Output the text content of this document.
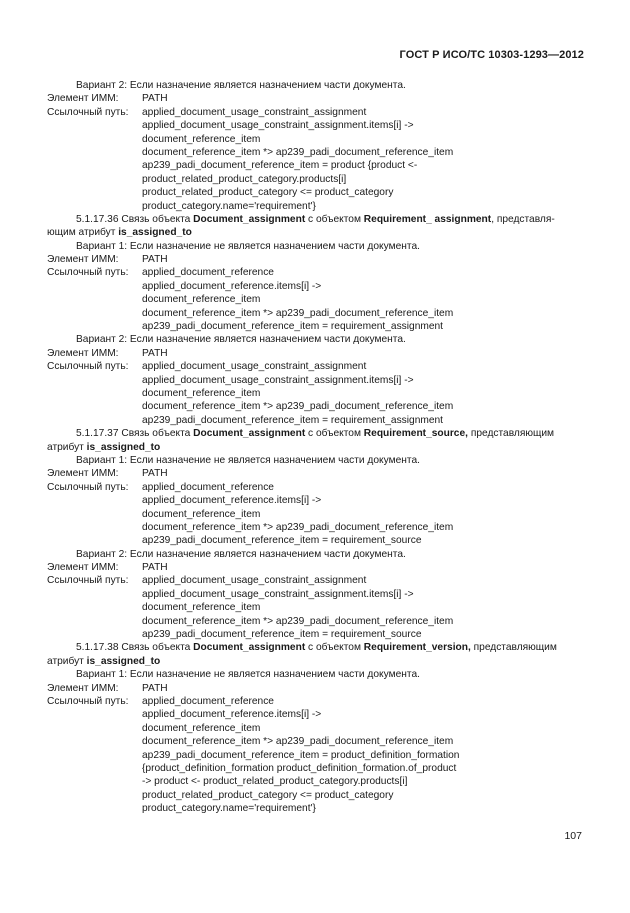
ГОСТ Р ИСО/ТС 10303-1293—2012
Вариант 2: Если назначение является назначением части документа.
Элемент ИММ: PATH
Ссылочный путь: applied_document_usage_constraint_assignment
applied_document_usage_constraint_assignment.items[i] ->
document_reference_item
document_reference_item *> ap239_padi_document_reference_item
ap239_padi_document_reference_item = product {product <-
product_related_product_category.products[i]
product_related_product_category <= product_category
product_category.name='requirement'}
5.1.17.36 Связь объекта Document_assignment с объектом Requirement_ assignment, представля-
ющим атрибут is_assigned_to
Вариант 1: Если назначение не является назначением части документа.
Элемент ИММ: PATH
Ссылочный путь: applied_document_reference
applied_document_reference.items[i] ->
document_reference_item
document_reference_item *> ap239_padi_document_reference_item
ap239_padi_document_reference_item = requirement_assignment
Вариант 2: Если назначение является назначением части документа.
Элемент ИММ: PATH
Ссылочный путь: applied_document_usage_constraint_assignment
applied_document_usage_constraint_assignment.items[i] ->
document_reference_item
document_reference_item *> ap239_padi_document_reference_item
ap239_padi_document_reference_item = requirement_assignment
5.1.17.37 Связь объекта Document_assignment с объектом Requirement_source, представляющим
атрибут is_assigned_to
Вариант 1: Если назначение не является назначением части документа.
Элемент ИММ: PATH
Ссылочный путь: applied_document_reference
applied_document_reference.items[i] ->
document_reference_item
document_reference_item *> ap239_padi_document_reference_item
ap239_padi_document_reference_item = requirement_source
Вариант 2: Если назначение является назначением части документа.
Элемент ИММ: PATH
Ссылочный путь: applied_document_usage_constraint_assignment
applied_document_usage_constraint_assignment.items[i] ->
document_reference_item
document_reference_item *> ap239_padi_document_reference_item
ap239_padi_document_reference_item = requirement_source
5.1.17.38 Связь объекта Document_assignment с объектом Requirement_version, представляющим
атрибут is_assigned_to
Вариант 1: Если назначение не является назначением части документа.
Элемент ИММ: PATH
Ссылочный путь: applied_document_reference
applied_document_reference.items[i] ->
document_reference_item
document_reference_item *> ap239_padi_document_reference_item
ap239_padi_document_reference_item = product_definition_formation
{product_definition_formation product_definition_formation.of_product
-> product <- product_related_product_category.products[i]
product_related_product_category <= product_category
product_category.name='requirement'}
107
